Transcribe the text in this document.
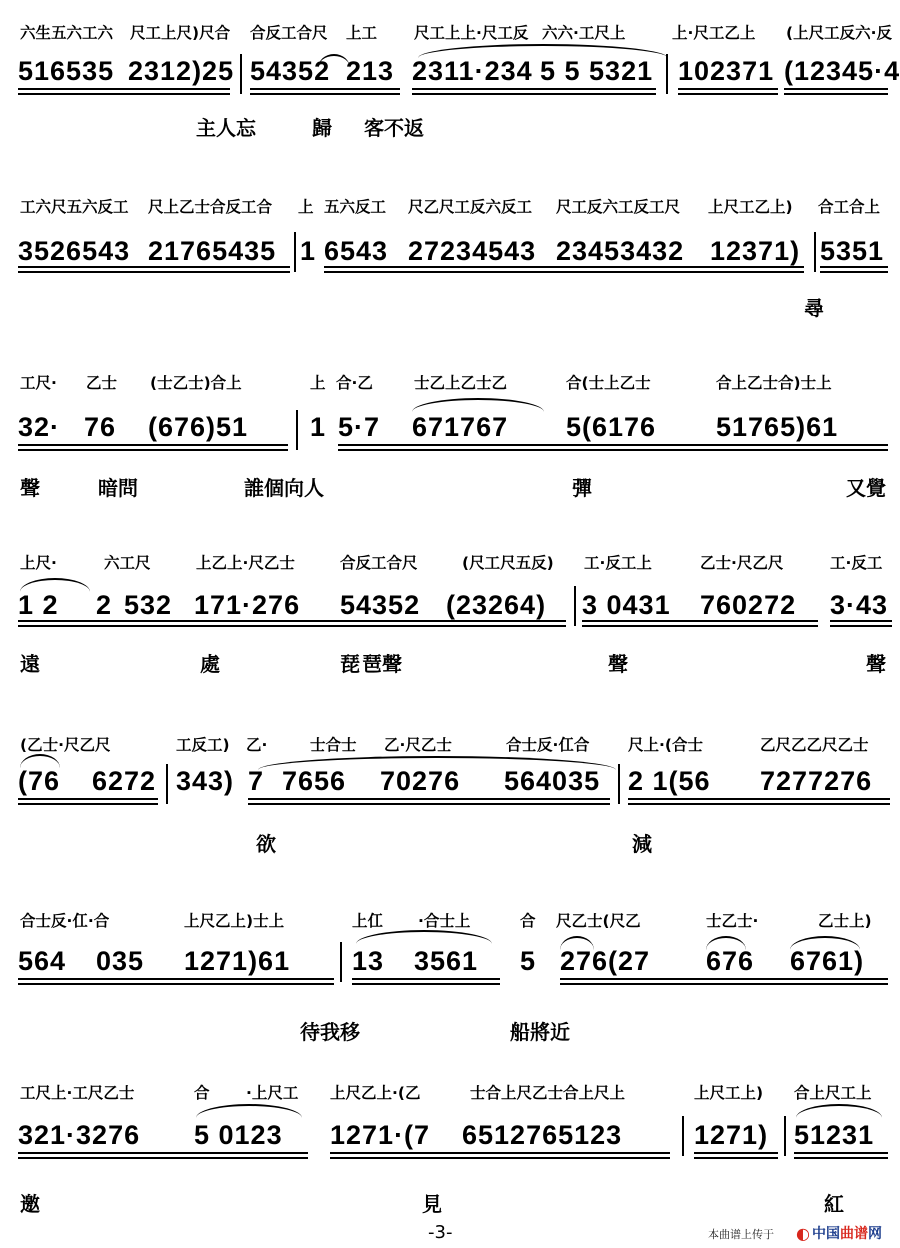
六生五六工六 尺工上尺)尺合 合反工合尺 上工 尺工上上·尺工反 六六·工尺上	上·尺工乙上 (上尺工反六·反
516535 2312)25 54352 213 2311·234 5 5 5321 102371 (12345·4
主人忘	歸 客不返
工六尺五六反工 尺上乙士合反工合 上 五六反工 尺乙尺工反六反工 尺工反六工反工尺 上尺工乙上) 合工合上
3526543 21765435 1 6543 27234543 23453432 12371) 5351
尋
工尺· 乙士 (士乙士)合上	上 合·乙	士乙上乙士乙	合(士上乙士	合上乙士合)士上
32· 76 (676)51 1 5·7 671767 5(6176 51765)61
聲	暗問	誰個向人	彈	又覺
上尺·	六工尺	上乙上·尺乙士	合反工合尺	(尺工尺五反) 工·反工上	乙士·尺乙尺	工·反工
1 2 2 532 171·276 54352 (23264) 3 0431 760272 3·43
遠	處	琵 琶聲	聲	聲
(乙士·尺乙尺	工反工) 乙·	士合士 乙·尺乙士	合士反·仜合 尺上·(合士	乙尺乙乙尺乙士
(76 6272 343) 7 7656 70276 564035 2 1(56 7277276
欲	減
合士反·仜·合	上尺乙上)士上	上仜 ·合士上	合 尺乙士(尺乙	士乙士·	乙士上)
564 035 1271)61 13 3561 5 276(27 676 6761)
待我移	船將近
工尺上·工尺乙士	合 ·上尺工 上尺乙上·(乙	士合上尺乙士合上尺上	上尺工上) 合上尺工上
321·3276 5 0123 1271·(7 6512765123	1271) 51231
邀	見	紅
-3-	本曲谱上传于 ◐ 中国 曲谱 网
